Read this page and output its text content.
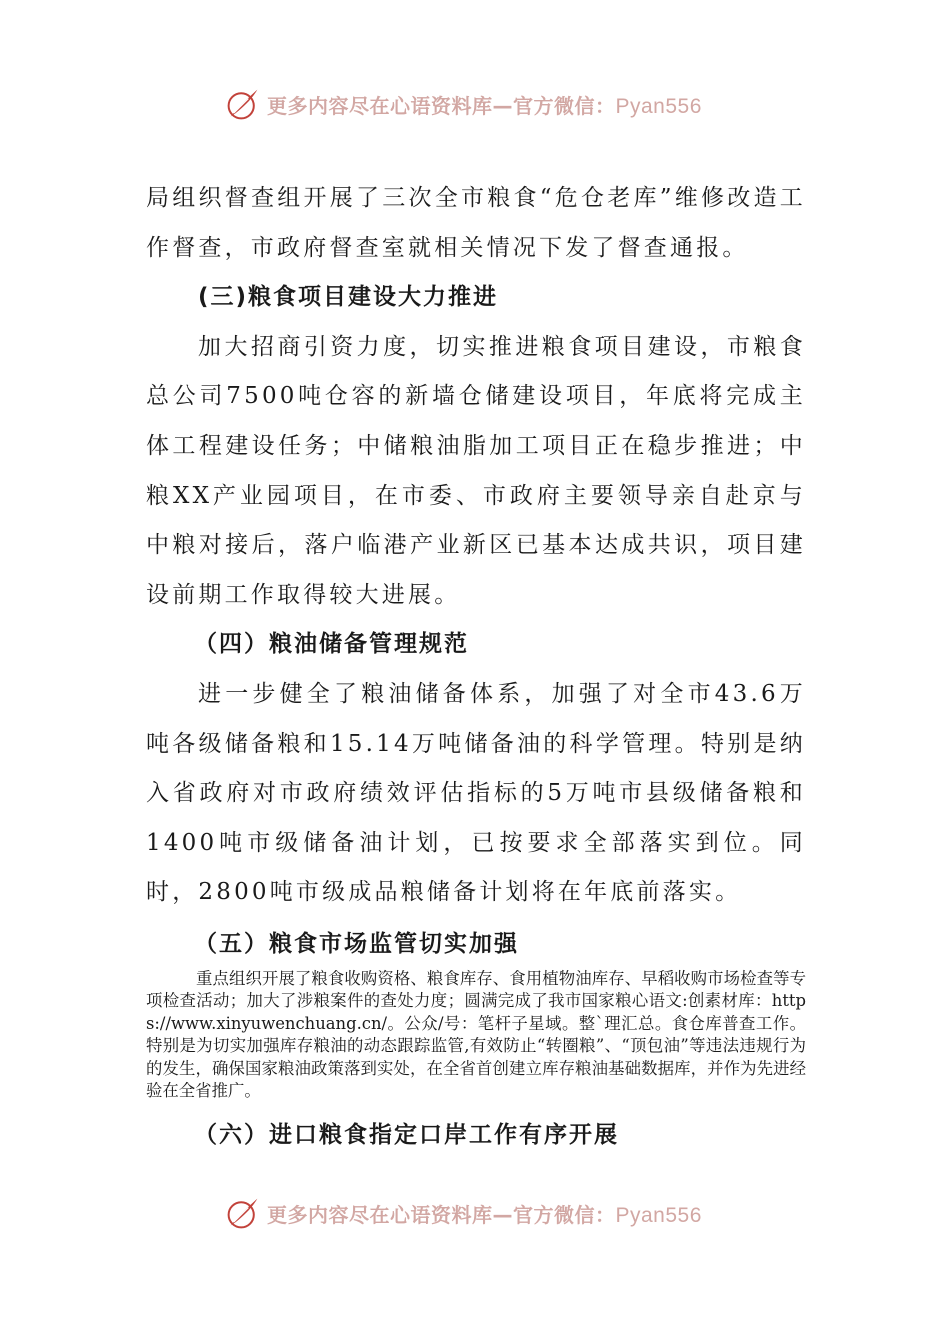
更多内容尽在心语资料库—官方微信：Pyan556

局组织督查组开展了三次全市粮食“危仓老库”维修改造工作督查，市政府督查室就相关情况下发了督查通报。

(三)粮食项目建设大力推进

加大招商引资力度，切实推进粮食项目建设，市粮食总公司7500吨仓容的新墙仓储建设项目，年底将完成主体工程建设任务；中储粮油脂加工项目正在稳步推进；中粮XX产业园项目，在市委、市政府主要领导亲自赴京与中粮对接后，落户临港产业新区已基本达成共识，项目建设前期工作取得较大进展。

（四）粮油储备管理规范

进一步健全了粮油储备体系，加强了对全市43.6万吨各级储备粮和15.14万吨储备油的科学管理。特别是纳入省政府对市政府绩效评估指标的5万吨市县级储备粮和1400吨市级储备油计划，已按要求全部落实到位。同时，2800吨市级成品粮储备计划将在年底前落实。

（五）粮食市场监管切实加强

重点组织开展了粮食收购资格、粮食库存、食用植物油库存、早稻收购市场检查等专项检查活动；加大了涉粮案件的查处力度；圆满完成了我市国家粮心语文:创素材库：https://www.xinyuwenchuang.cn/。公众/号：笔杆子星域。整`理汇总。食仓库普查工作。特别是为切实加强库存粮油的动态跟踪监管,有效防止“转圈粮”、“顶包油”等违法违规行为的发生，确保国家粮油政策落到实处，在全省首创建立库存粮油基础数据库，并作为先进经验在全省推广。

（六）进口粮食指定口岸工作有序开展

更多内容尽在心语资料库—官方微信：Pyan556
